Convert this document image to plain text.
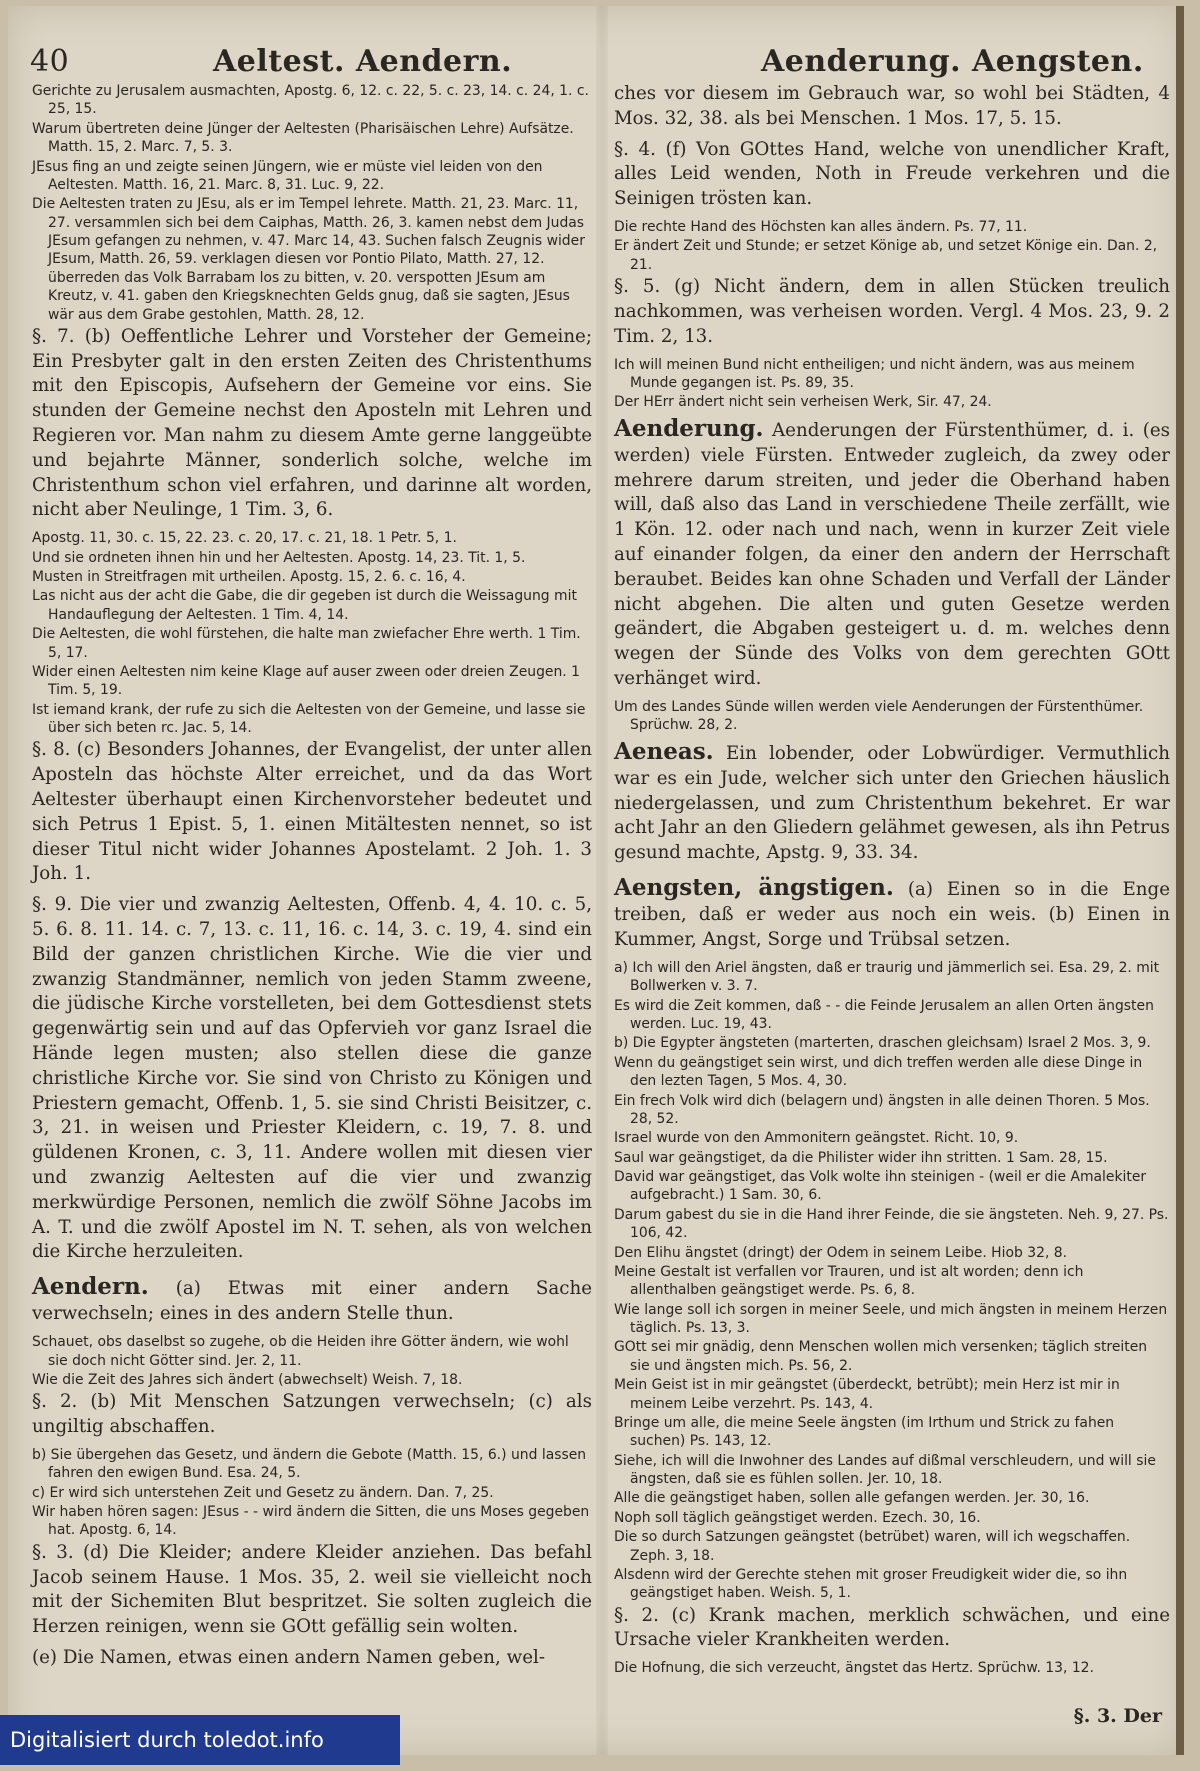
40	Aeltest. Aendern.	Aenderung. Aengsten.
Gerichte zu Jerusalem ausmachten, Apostg. 6, 12. c. 22, 5. c. 23, 14. c. 24, 1. c. 25, 15.
Warum übertreten deine Jünger der Aeltesten (Pharisäischen Lehre) Aufsätze. Matth. 15, 2. Marc. 7, 5. 3.
JEsus fing an und zeigte seinen Jüngern, wie er müste viel leiden von den Aeltesten. Matth. 16, 21. Marc. 8, 31. Luc. 9, 22.
Die Aeltesten traten zu JEsu, als er im Tempel lehrete. Matth. 21, 23. Marc. 11, 27. versammlen sich bei dem Caiphas, Matth. 26, 3. kamen nebst dem Judas JEsum gefangen zu nehmen, v. 47. Marc 14, 43. Suchen falsch Zeugnis wider JEsum, Matth. 26, 59. verklagen diesen vor Pontio Pilato, Matth. 27, 12. überreden das Volk Barrabam los zu bitten, v. 20. verspotten JEsum am Kreutz, v. 41. gaben den Kriegsknechten Gelds gnug, daß sie sagten, JEsus wär aus dem Grabe gestohlen, Matth. 28, 12.
§. 7. (b) Oeffentliche Lehrer und Vorsteher der Gemeine; Ein Presbyter galt in den ersten Zeiten des Christenthums mit den Episcopis, Aufsehern der Gemeine vor eins. Sie stunden der Gemeine nechst den Aposteln mit Lehren und Regieren vor. Man nahm zu diesem Amte gerne langgeübte und bejahrte Männer, sonderlich solche, welche im Christenthum schon viel erfahren, und darinne alt worden, nicht aber Neulinge, 1 Tim. 3, 6.
Apostg. 11, 30. c. 15, 22. 23. c. 20, 17. c. 21, 18. 1 Petr. 5, 1.
Und sie ordneten ihnen hin und her Aeltesten. Apostg. 14, 23. Tit. 1, 5.
Musten in Streitfragen mit urtheilen. Apostg. 15, 2. 6. c. 16, 4.
Las nicht aus der acht die Gabe, die dir gegeben ist durch die Weissagung mit Handauflegung der Aeltesten. 1 Tim. 4, 14.
Die Aeltesten, die wohl fürstehen, die halte man zwiefacher Ehre werth. 1 Tim. 5, 17.
Wider einen Aeltesten nim keine Klage auf auser zween oder dreien Zeugen. 1 Tim. 5, 19.
Ist iemand krank, der rufe zu sich die Aeltesten von der Gemeine, und lasse sie über sich beten rc. Jac. 5, 14.
§. 8. (c) Besonders Johannes, der Evangelist, der unter allen Aposteln das höchste Alter erreichet, und da das Wort Aeltester überhaupt einen Kirchenvorsteher bedeutet und sich Petrus 1 Epist. 5, 1. einen Mitältesten nennet, so ist dieser Titul nicht wider Johannes Apostelamt. 2 Joh. 1. 3 Joh. 1.
§. 9. Die vier und zwanzig Aeltesten, Offenb. 4, 4. 10. c. 5, 5. 6. 8. 11. 14. c. 7, 13. c. 11, 16. c. 14, 3. c. 19, 4. sind ein Bild der ganzen christlichen Kirche. Wie die vier und zwanzig Standmänner, nemlich von jeden Stamm zweene, die jüdische Kirche vorstelleten, bei dem Gottesdienst stets gegenwärtig sein und auf das Opfervieh vor ganz Israel die Hände legen musten; also stellen diese die ganze christliche Kirche vor. Sie sind von Christo zu Königen und Priestern gemacht, Offenb. 1, 5. sie sind Christi Beisitzer, c. 3, 21. in weisen und Priester Kleidern, c. 19, 7. 8. und güldenen Kronen, c. 3, 11. Andere wollen mit diesen vier und zwanzig Aeltesten auf die vier und zwanzig merkwürdige Personen, nemlich die zwölf Söhne Jacobs im A. T. und die zwölf Apostel im N. T. sehen, als von welchen die Kirche herzuleiten.
Aendern. (a) Etwas mit einer andern Sache verwechseln; eines in des andern Stelle thun.
Schauet, obs daselbst so zugehe, ob die Heiden ihre Götter ändern, wie wohl sie doch nicht Götter sind. Jer. 2, 11.
Wie die Zeit des Jahres sich ändert (abwechselt) Weish. 7, 18.
§. 2. (b) Mit Menschen Satzungen verwechseln; (c) als ungiltig abschaffen.
b) Sie übergehen das Gesetz, und ändern die Gebote (Matth. 15, 6.) und lassen fahren den ewigen Bund. Esa. 24, 5.
c) Er wird sich unterstehen Zeit und Gesetz zu ändern. Dan. 7, 25.
Wir haben hören sagen: JEsus ‑ ‑ wird ändern die Sitten, die uns Moses gegeben hat. Apostg. 6, 14.
§. 3. (d) Die Kleider; andere Kleider anziehen. Das befahl Jacob seinem Hause. 1 Mos. 35, 2. weil sie vielleicht noch mit der Sichemiten Blut bespritzet. Sie solten zugleich die Herzen reinigen, wenn sie GOtt gefällig sein wolten.
(e) Die Namen, etwas einen andern Namen geben, wel‑
ches vor diesem im Gebrauch war, so wohl bei Städten, 4 Mos. 32, 38. als bei Menschen. 1 Mos. 17, 5. 15.
§. 4. (f) Von GOttes Hand, welche von unendlicher Kraft, alles Leid wenden, Noth in Freude verkehren und die Seinigen trösten kan.
Die rechte Hand des Höchsten kan alles ändern. Ps. 77, 11.
Er ändert Zeit und Stunde; er setzet Könige ab, und setzet Könige ein. Dan. 2, 21.
§. 5. (g) Nicht ändern, dem in allen Stücken treulich nachkommen, was verheisen worden. Vergl. 4 Mos. 23, 9. 2 Tim. 2, 13.
Ich will meinen Bund nicht entheiligen; und nicht ändern, was aus meinem Munde gegangen ist. Ps. 89, 35.
Der HErr ändert nicht sein verheisen Werk, Sir. 47, 24.
Aenderung. Aenderungen der Fürstenthümer, d. i. (es werden) viele Fürsten. Entweder zugleich, da zwey oder mehrere darum streiten, und jeder die Oberhand haben will, daß also das Land in verschiedene Theile zerfällt, wie 1 Kön. 12. oder nach und nach, wenn in kurzer Zeit viele auf einander folgen, da einer den andern der Herrschaft beraubet. Beides kan ohne Schaden und Verfall der Länder nicht abgehen. Die alten und guten Gesetze werden geändert, die Abgaben gesteigert u. d. m. welches denn wegen der Sünde des Volks von dem gerechten GOtt verhänget wird.
Um des Landes Sünde willen werden viele Aenderungen der Fürstenthümer. Sprüchw. 28, 2.
Aeneas. Ein lobender, oder Lobwürdiger. Vermuthlich war es ein Jude, welcher sich unter den Griechen häuslich niedergelassen, und zum Christenthum bekehret. Er war acht Jahr an den Gliedern gelähmet gewesen, als ihn Petrus gesund machte, Apstg. 9, 33. 34.
Aengsten, ängstigen. (a) Einen so in die Enge treiben, daß er weder aus noch ein weis. (b) Einen in Kummer, Angst, Sorge und Trübsal setzen.
a) Ich will den Ariel ängsten, daß er traurig und jämmerlich sei. Esa. 29, 2. mit Bollwerken v. 3. 7.
Es wird die Zeit kommen, daß ‑ ‑ die Feinde Jerusalem an allen Orten ängsten werden. Luc. 19, 43.
b) Die Egypter ängsteten (marterten, draschen gleichsam) Israel 2 Mos. 3, 9.
Wenn du geängstiget sein wirst, und dich treffen werden alle diese Dinge in den lezten Tagen, 5 Mos. 4, 30.
Ein frech Volk wird dich (belagern und) ängsten in alle deinen Thoren. 5 Mos. 28, 52.
Israel wurde von den Ammonitern geängstet. Richt. 10, 9.
Saul war geängstiget, da die Philister wider ihn stritten. 1 Sam. 28, 15.
David war geängstiget, das Volk wolte ihn steinigen ‑ (weil er die Amalekiter aufgebracht.) 1 Sam. 30, 6.
Darum gabest du sie in die Hand ihrer Feinde, die sie ängsteten. Neh. 9, 27. Ps. 106, 42.
Den Elihu ängstet (dringt) der Odem in seinem Leibe. Hiob 32, 8.
Meine Gestalt ist verfallen vor Trauren, und ist alt worden; denn ich allenthalben geängstiget werde. Ps. 6, 8.
Wie lange soll ich sorgen in meiner Seele, und mich ängsten in meinem Herzen täglich. Ps. 13, 3.
GOtt sei mir gnädig, denn Menschen wollen mich versenken; täglich streiten sie und ängsten mich. Ps. 56, 2.
Mein Geist ist in mir geängstet (überdeckt, betrübt); mein Herz ist mir in meinem Leibe verzehrt. Ps. 143, 4.
Bringe um alle, die meine Seele ängsten (im Irthum und Strick zu fahen suchen) Ps. 143, 12.
Siehe, ich will die Inwohner des Landes auf dißmal verschleudern, und will sie ängsten, daß sie es fühlen sollen. Jer. 10, 18.
Alle die geängstiget haben, sollen alle gefangen werden. Jer. 30, 16.
Noph soll täglich geängstiget werden. Ezech. 30, 16.
Die so durch Satzungen geängstet (betrübet) waren, will ich wegschaffen. Zeph. 3, 18.
Alsdenn wird der Gerechte stehen mit groser Freudigkeit wider die, so ihn geängstiget haben. Weish. 5, 1.
§. 2. (c) Krank machen, merklich schwächen, und eine Ursache vieler Krankheiten werden.
Die Hofnung, die sich verzeucht, ängstet das Hertz. Sprüchw. 13, 12.
§. 3. Der
Digitalisiert durch toledot.info
